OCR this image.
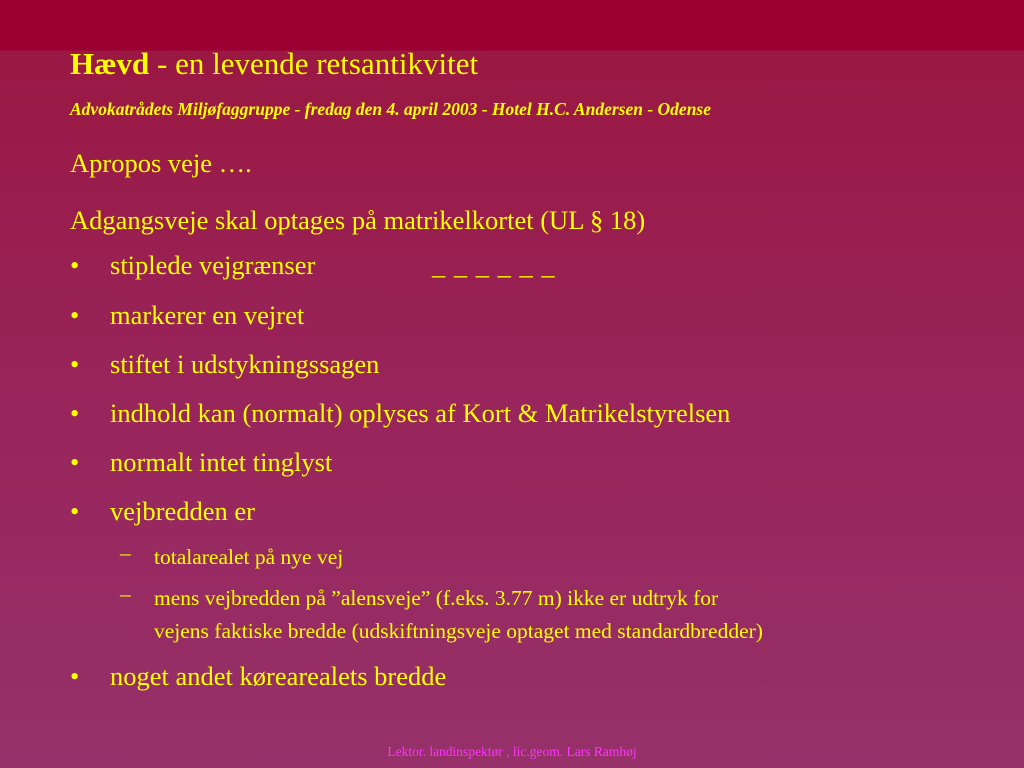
Hævd - en levende retsantikvitet
Advokatrådets Miljøfaggruppe - fredag den 4. april 2003 - Hotel H.C. Andersen - Odense
Apropos veje ….
Adgangsveje skal optages på matrikelkortet (UL § 18)
• stiplede vejgrænser	_ _ _ _ _ _
• markerer en vejret
• stiftet i udstykningssagen
• indhold kan (normalt) oplyses af Kort & Matrikelstyrelsen
• normalt intet tinglyst
• vejbredden er
– totalarealet på nye vej
– mens vejbredden på ”alensveje” (f.eks. 3.77 m) ikke er udtryk for
vejens faktiske bredde (udskiftningsveje optaget med standardbredder)
• noget andet kørearealets bredde
Lektor. landinspektør , lic.geom. Lars Ramhøj
